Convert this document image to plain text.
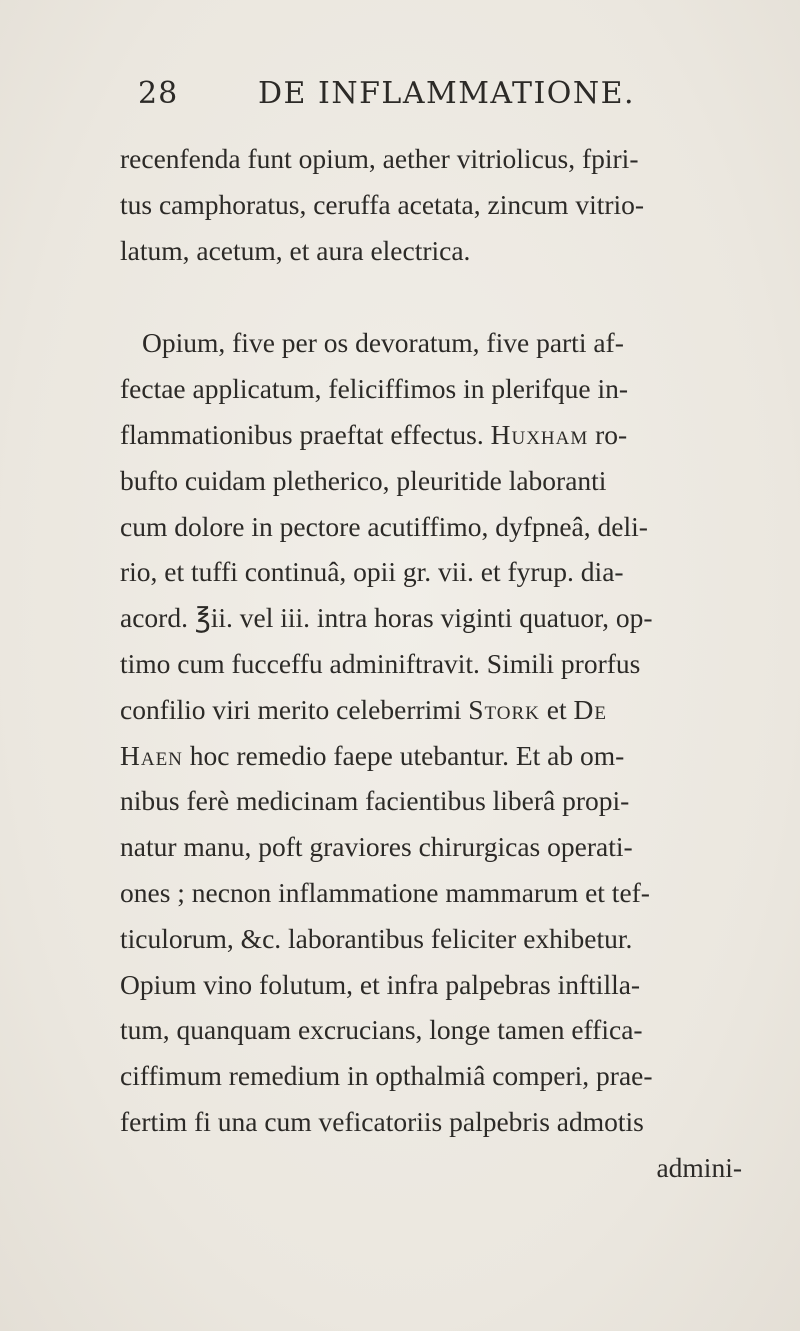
28	DE INFLAMMATIONE.
recenfenda funt opium, aether vitriolicus, fpiri-
tus camphoratus, ceruffa acetata, zincum vitrio-
latum, acetum, et aura electrica.
Opium, five per os devoratum, five parti af-
fectae applicatum, feliciffimos in plerifque in-
flammationibus praeftat effectus. Huxham ro-
bufto cuidam pletherico, pleuritide laboranti
cum dolore in pectore acutiffimo, dyfpneâ, deli-
rio, et tuffi continuâ, opii gr. vii. et fyrup. dia-
acord. ℥ii. vel iii. intra horas viginti quatuor, op-
timo cum fucceffu adminiftravit. Simili prorfus
confilio viri merito celeberrimi Stork et De
Haen hoc remedio faepe utebantur. Et ab om-
nibus ferè medicinam facientibus liberâ propi-
natur manu, poft graviores chirurgicas operati-
ones ; necnon inflammatione mammarum et tef-
ticulorum, &c. laborantibus feliciter exhibetur.
Opium vino folutum, et infra palpebras inftilla-
tum, quanquam excrucians, longe tamen effica-
ciffimum remedium in opthalmiâ comperi, prae-
fertim fi una cum veficatoriis palpebris admotis
admini-
